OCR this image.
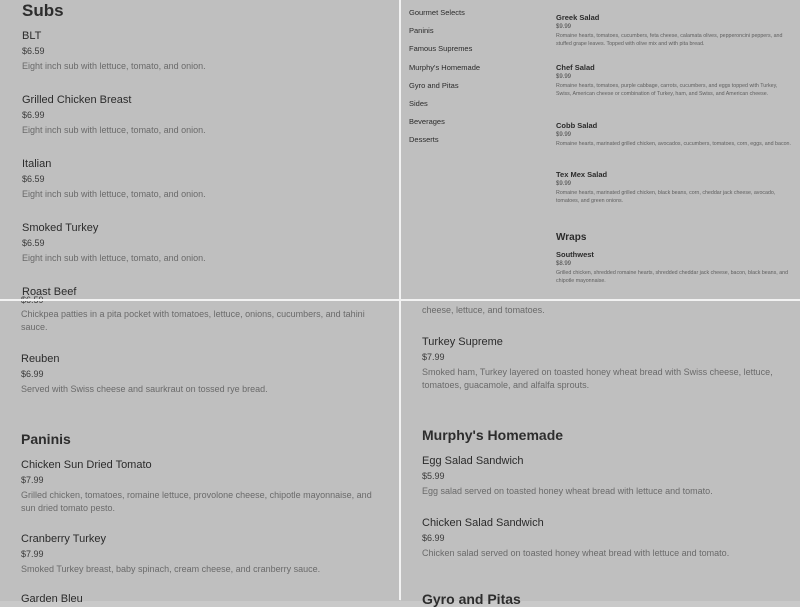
Subs
BLT
$6.59
Eight inch sub with lettuce, tomato, and onion.
Grilled Chicken Breast
$6.99
Eight inch sub with lettuce, tomato, and onion.
Italian
$6.59
Eight inch sub with lettuce, tomato, and onion.
Smoked Turkey
$6.59
Eight inch sub with lettuce, tomato, and onion.
Roast Beef
Gourmet Selects
Paninis
Famous Supremes
Murphy's Homemade
Gyro and Pitas
Sides
Beverages
Desserts
Greek Salad
$9.99
Romaine hearts, tomatoes, cucumbers, feta cheese, calamata olives, pepperoncini peppers, and stuffed grape leaves. Topped with olive mix and with pita bread.
Chef Salad
$9.99
Romaine hearts, tomatoes, purple cabbage, carrots, cucumbers, and eggs topped with Turkey, Swiss, American cheese or combination of Turkey, ham, and Swiss, and American cheese.
Cobb Salad
$9.99
Romaine hearts, marinated grilled chicken, avocados, cucumbers, tomatoes, corn, eggs, and bacon.
Tex Mex Salad
$9.99
Romaine hearts, marinated grilled chicken, black beans, corn, cheddar jack cheese, avocado, tomatoes, and green onions.
Wraps
Southwest
$8.99
Grilled chicken, shredded romaine hearts, shredded cheddar jack cheese, bacon, black beans, and chipotle mayonnaise.
Chickpea patties in a pita pocket with tomatoes, lettuce, onions, cucumbers, and tahini sauce.
Reuben
$6.99
Served with Swiss cheese and saurkraut on tossed rye bread.
Paninis
Chicken Sun Dried Tomato
$7.99
Grilled chicken, tomatoes, romaine lettuce, provolone cheese, chipotle mayonnaise, and sun dried tomato pesto.
Cranberry Turkey
$7.99
Smoked Turkey breast, baby spinach, cream cheese, and cranberry sauce.
Garden Bleu
cheese, lettuce, and tomatoes.
Turkey Supreme
$7.99
Smoked ham, Turkey layered on toasted honey wheat bread with Swiss cheese, lettuce, tomatoes, guacamole, and alfalfa sprouts.
Murphy's Homemade
Egg Salad Sandwich
$5.99
Egg salad served on toasted honey wheat bread with lettuce and tomato.
Chicken Salad Sandwich
$6.99
Chicken salad served on toasted honey wheat bread with lettuce and tomato.
Gyro and Pitas
